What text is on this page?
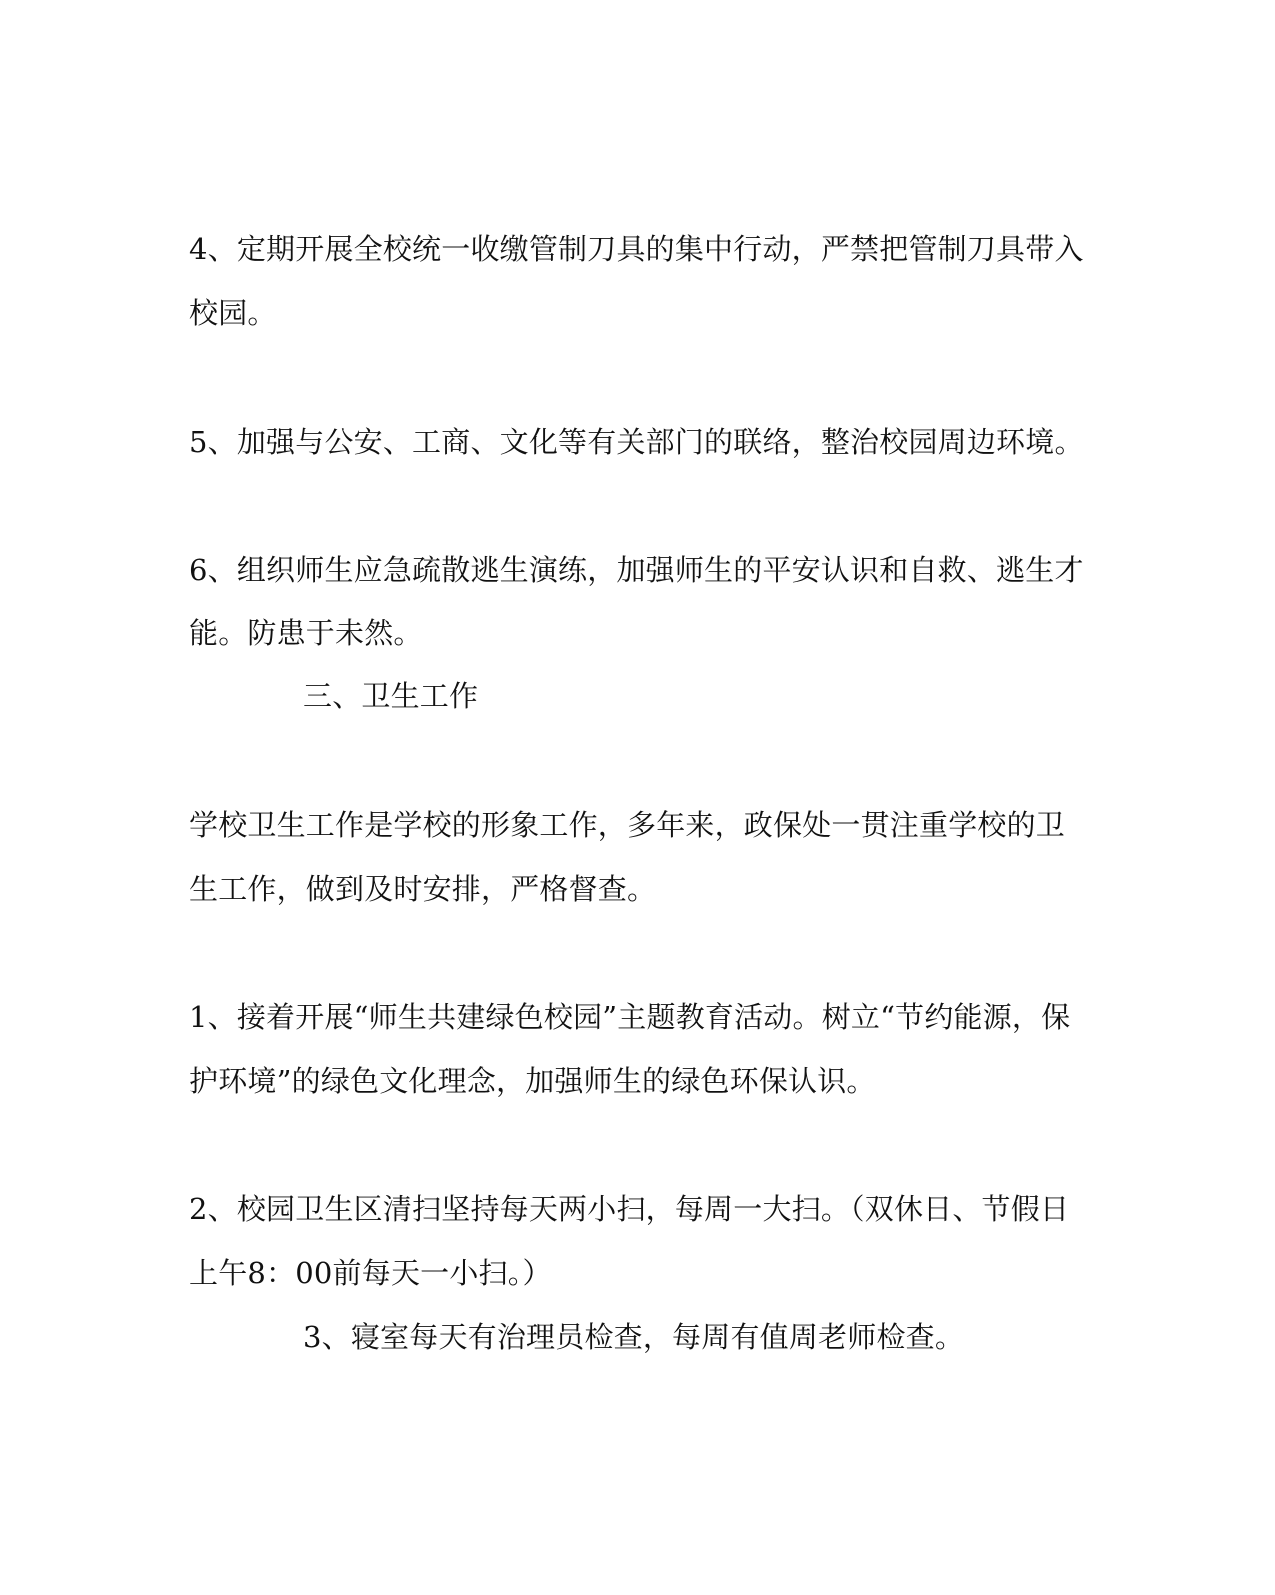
4、定期开展全校统一收缴管制刀具的集中行动，严禁把管制刀具带入
校园。
5、加强与公安、工商、文化等有关部门的联络，整治校园周边环境。
6、组织师生应急疏散逃生演练，加强师生的平安认识和自救、逃生才
能。防患于未然。
三、卫生工作
学校卫生工作是学校的形象工作，多年来，政保处一贯注重学校的卫
生工作，做到及时安排，严格督查。
1、接着开展“师生共建绿色校园”主题教育活动。树立“节约能源，保
护环境”的绿色文化理念，加强师生的绿色环保认识。
2、校园卫生区清扫坚持每天两小扫，每周一大扫。（双休日、节假日
上午8：00前每天一小扫。）
3、寝室每天有治理员检查，每周有值周老师检查。
